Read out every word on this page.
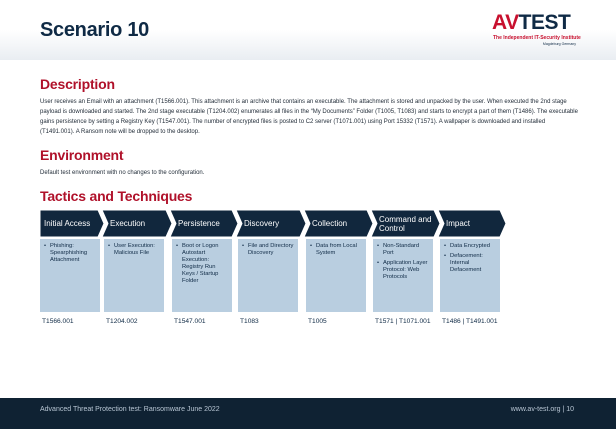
Scenario 10	AVTEST
The Independent IT-Security Institute
Magdeburg Germany
Description
User receives an Email with an attachment (T1566.001). This attachment is an archive that contains an executable. The attachment is stored and unpacked by the user. When executed the 2nd stage payload is downloaded and started. The 2nd stage executable (T1204.002) enumerates all files in the “My Documents” Folder (T1005, T1083) and starts to encrypt a part of them (T1486). The executable gains persistence by setting a Registry Key (T1547.001). The number of encrypted files is posted to C2 server (T1071.001) using Port 15332 (T1571). A wallpaper is downloaded and installed (T1491.001). A Ransom note will be dropped to the desktop.
Environment
Default test environment with no changes to the configuration.
Tactics and Techniques
Initial Access
• Phishing: Spearphishing Attachment
T1566.001
Execution
• User Execution: Malicious File
T1204.002
Persistence
• Boot or Logon Autostart Execution: Registry Run Keys / Startup Folder
T1547.001
Discovery
• File and Directory Discovery
T1083
Collection
• Data from Local System
T1005
Command and Control
• Non-Standard Port
• Application Layer Protocol: Web Protocols
T1571 | T1071.001
Impact
• Data Encrypted
• Defacement: Internal Defacement
T1486 | T1491.001
Advanced Threat Protection test: Ransomware June 2022	www.av-test.org | 10
